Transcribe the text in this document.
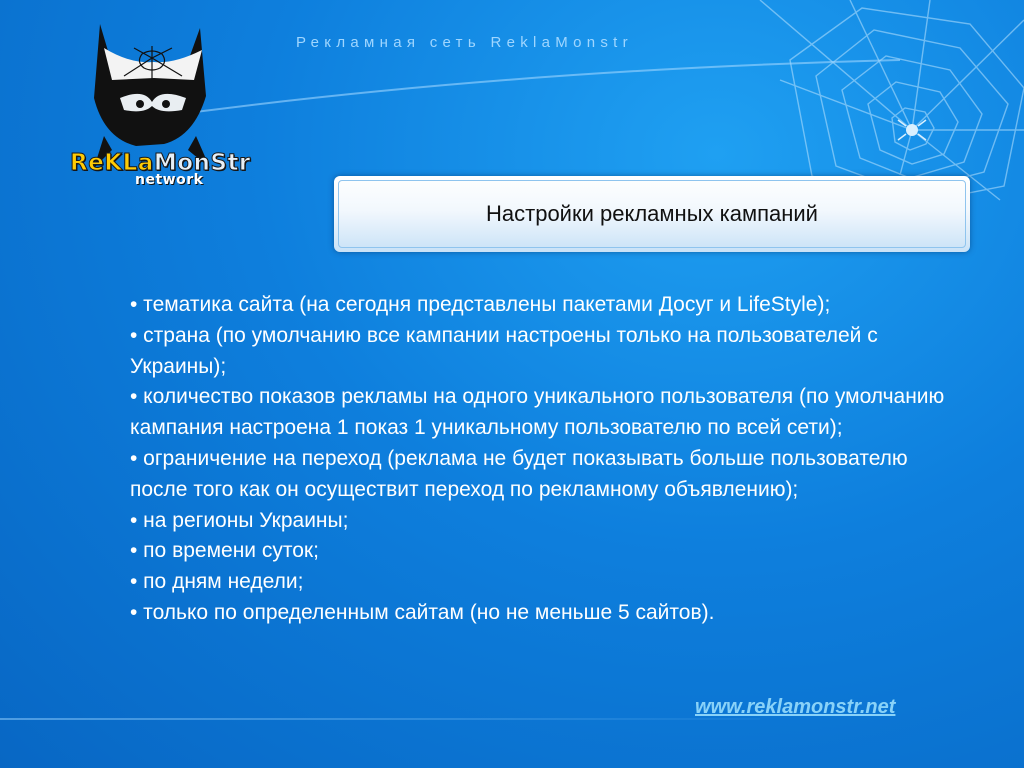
Рекламная сеть ReklaMonstr
ReKLaMonStr
network
Настройки рекламных кампаний

• тематика сайта (на сегодня представлены пакетами Досуг и LifeStyle);

• страна (по умолчанию все кампании настроены только на пользователей с Украины);

• количество показов рекламы на одного уникального пользователя (по умолчанию кампания настроена 1 показ 1 уникальному пользователю по всей сети);

• ограничение на переход (реклама не будет показывать больше пользователю после того как он осуществит переход по рекламному объявлению);

• на регионы Украины;

• по времени суток;

• по дням недели;

• только по определенным сайтам (но не меньше 5 сайтов).

www.reklamonstr.net
